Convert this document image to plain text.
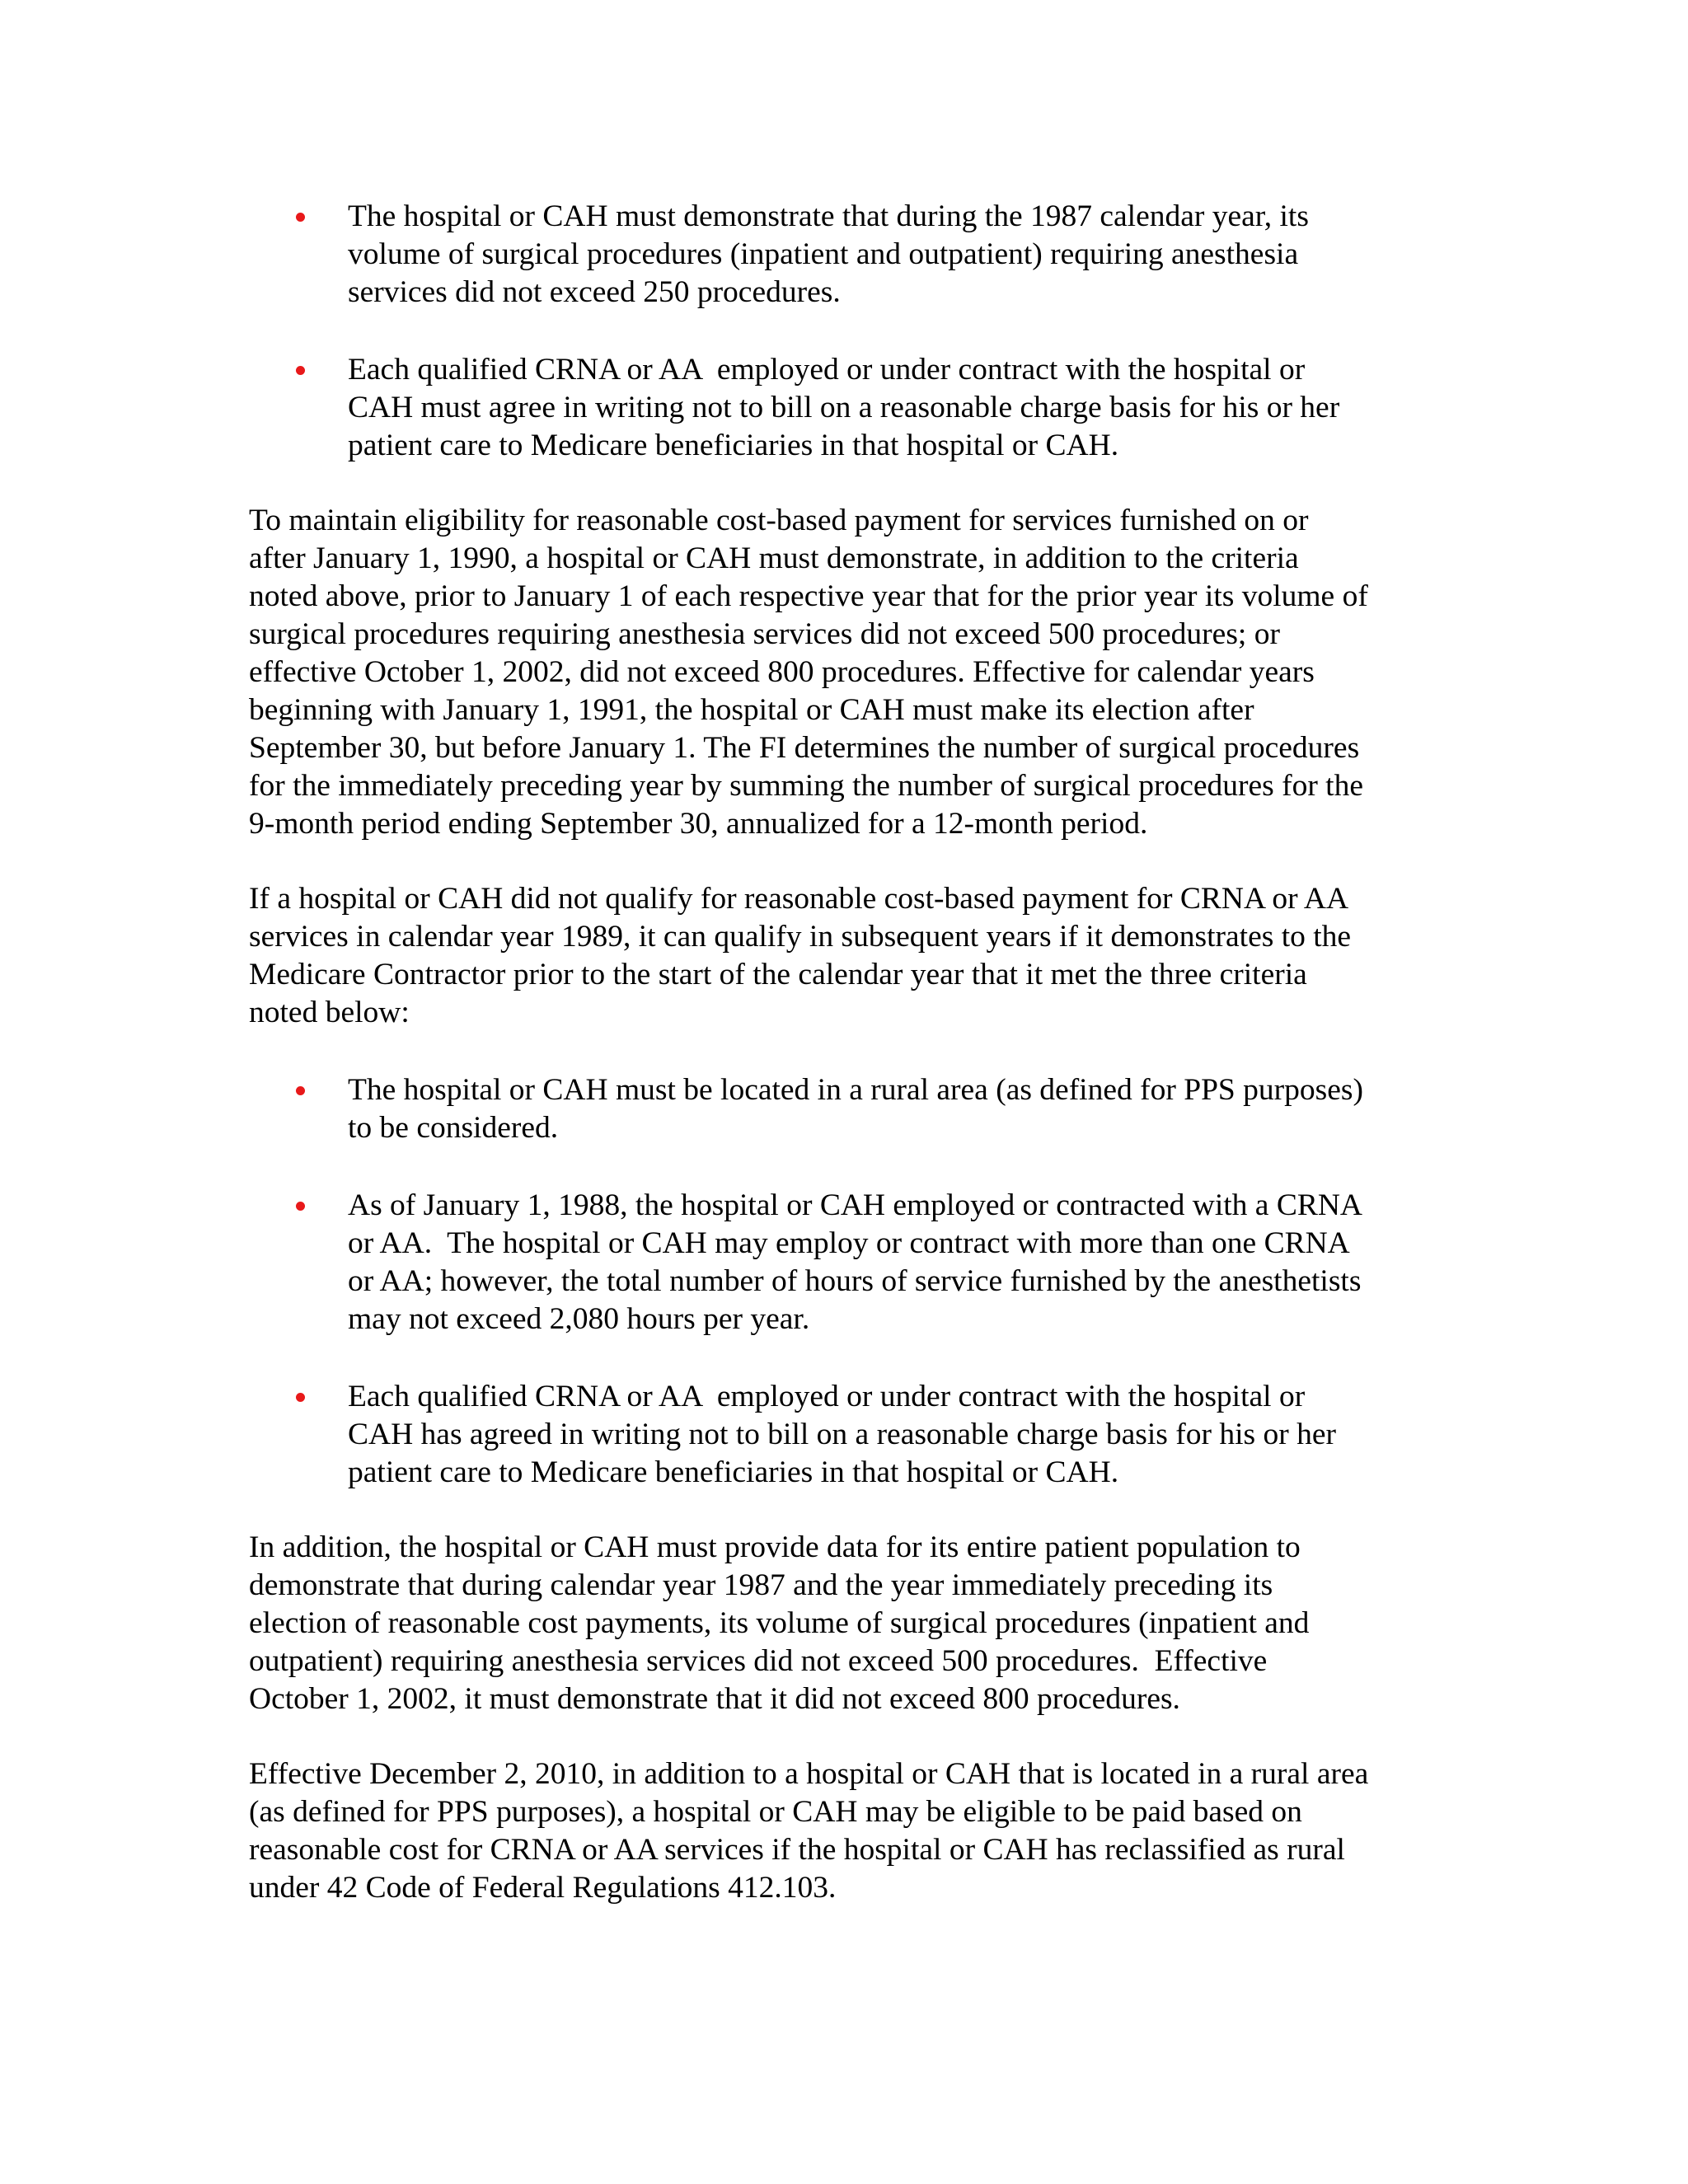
The hospital or CAH must demonstrate that during the 1987 calendar year, its
volume of surgical procedures (inpatient and outpatient) requiring anesthesia
services did not exceed 250 procedures.
Each qualified CRNA or AA  employed or under contract with the hospital or
CAH must agree in writing not to bill on a reasonable charge basis for his or her
patient care to Medicare beneficiaries in that hospital or CAH.

To maintain eligibility for reasonable cost-based payment for services furnished on or
after January 1, 1990, a hospital or CAH must demonstrate, in addition to the criteria
noted above, prior to January 1 of each respective year that for the prior year its volume of
surgical procedures requiring anesthesia services did not exceed 500 procedures; or
effective October 1, 2002, did not exceed 800 procedures. Effective for calendar years
beginning with January 1, 1991, the hospital or CAH must make its election after
September 30, but before January 1. The FI determines the number of surgical procedures
for the immediately preceding year by summing the number of surgical procedures for the
9-month period ending September 30, annualized for a 12-month period.

If a hospital or CAH did not qualify for reasonable cost-based payment for CRNA or AA
services in calendar year 1989, it can qualify in subsequent years if it demonstrates to the
Medicare Contractor prior to the start of the calendar year that it met the three criteria
noted below:

The hospital or CAH must be located in a rural area (as defined for PPS purposes)
to be considered.
As of January 1, 1988, the hospital or CAH employed or contracted with a CRNA
or AA.  The hospital or CAH may employ or contract with more than one CRNA
or AA; however, the total number of hours of service furnished by the anesthetists
may not exceed 2,080 hours per year.
Each qualified CRNA or AA  employed or under contract with the hospital or
CAH has agreed in writing not to bill on a reasonable charge basis for his or her
patient care to Medicare beneficiaries in that hospital or CAH.

In addition, the hospital or CAH must provide data for its entire patient population to
demonstrate that during calendar year 1987 and the year immediately preceding its
election of reasonable cost payments, its volume of surgical procedures (inpatient and
outpatient) requiring anesthesia services did not exceed 500 procedures.  Effective
October 1, 2002, it must demonstrate that it did not exceed 800 procedures.

Effective December 2, 2010, in addition to a hospital or CAH that is located in a rural area
(as defined for PPS purposes), a hospital or CAH may be eligible to be paid based on
reasonable cost for CRNA or AA services if the hospital or CAH has reclassified as rural
under 42 Code of Federal Regulations 412.103.
